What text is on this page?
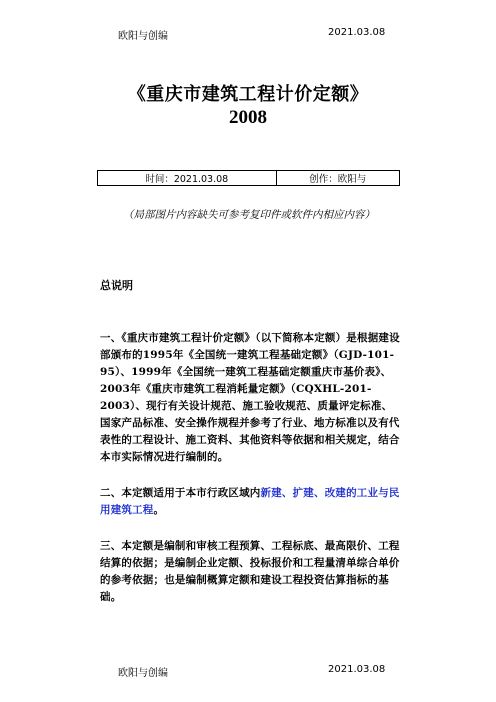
欧阳与创编	2021.03.08
《重庆市建筑工程计价定额》
2008
时间：2021.03.08	创作：欧阳与
（局部图片内容缺失可参考复印件或软件内相应内容）
总说明
一、《重庆市建筑工程计价定额》（以下简称本定额）是根据建设部颁布的1995年《全国统一建筑工程基础定额》（GJD-101-95）、1999年《全国统一建筑工程基础定额重庆市基价表》、2003年《重庆市建筑工程消耗量定额》（CQXHL-201-2003）、现行有关设计规范、施工验收规范、质量评定标准、国家产品标准、安全操作规程并参考了行业、地方标准以及有代表性的工程设计、施工资料、其他资料等依据和相关规定，结合本市实际情况进行编制的。
二、本定额适用于本市行政区域内新建、扩建、改建的工业与民用建筑工程。
三、本定额是编制和审核工程预算、工程标底、最高限价、工程结算的依据；是编制企业定额、投标报价和工程量清单综合单价的参考依据；也是编制概算定额和建设工程投资估算指标的基础。
欧阳与创编	2021.03.08
